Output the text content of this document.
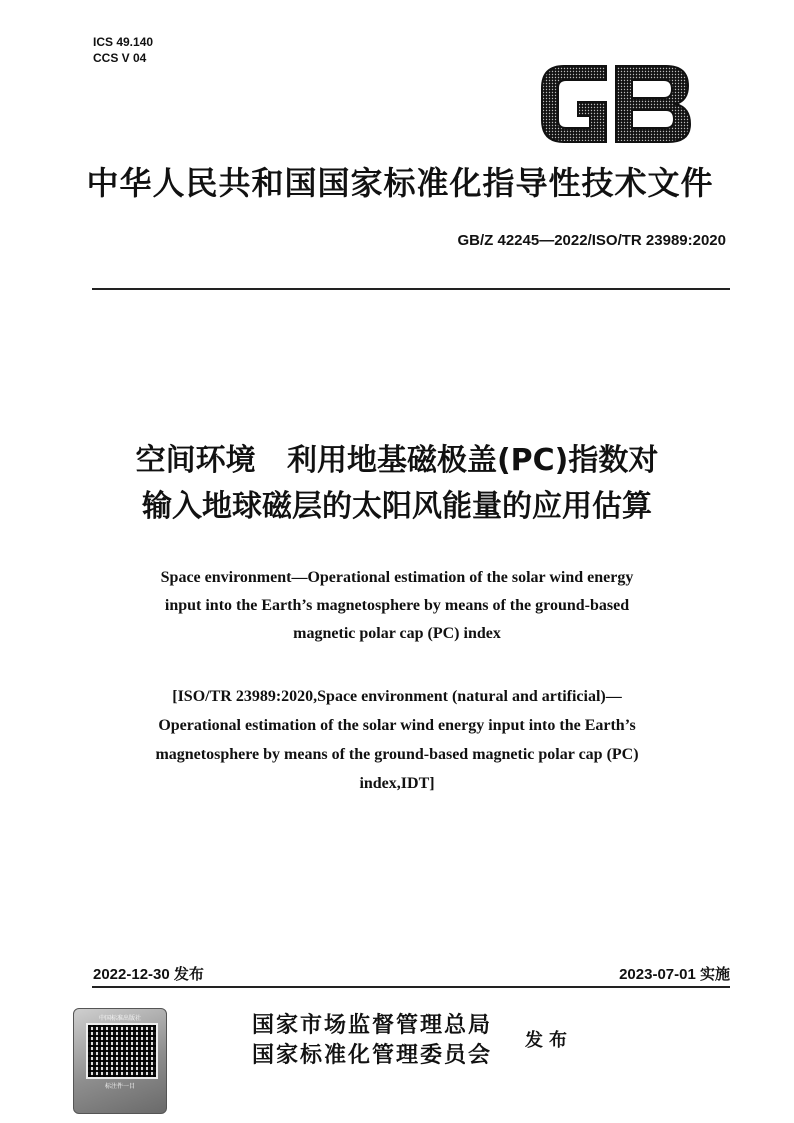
ICS 49.140
CCS V 04
中华人民共和国国家标准化指导性技术文件
GB/Z 42245—2022/ISO/TR 23989:2020
空间环境   利用地基磁极盖(PC)指数对
输入地球磁层的太阳风能量的应用估算
Space environment—Operational estimation of the solar wind energy
input into the Earth’s magnetosphere by means of the ground-based
magnetic polar cap (PC) index
[ISO/TR 23989:2020,Space environment (natural and artificial)—
Operational estimation of the solar wind energy input into the Earth’s
magnetosphere by means of the ground-based magnetic polar cap (PC)
index,IDT]
2022-12-30 发布	2023-07-01 实施
中国标准出版社
标注件一目
国家市场监督管理总局
国家标准化管理委员会
发布
